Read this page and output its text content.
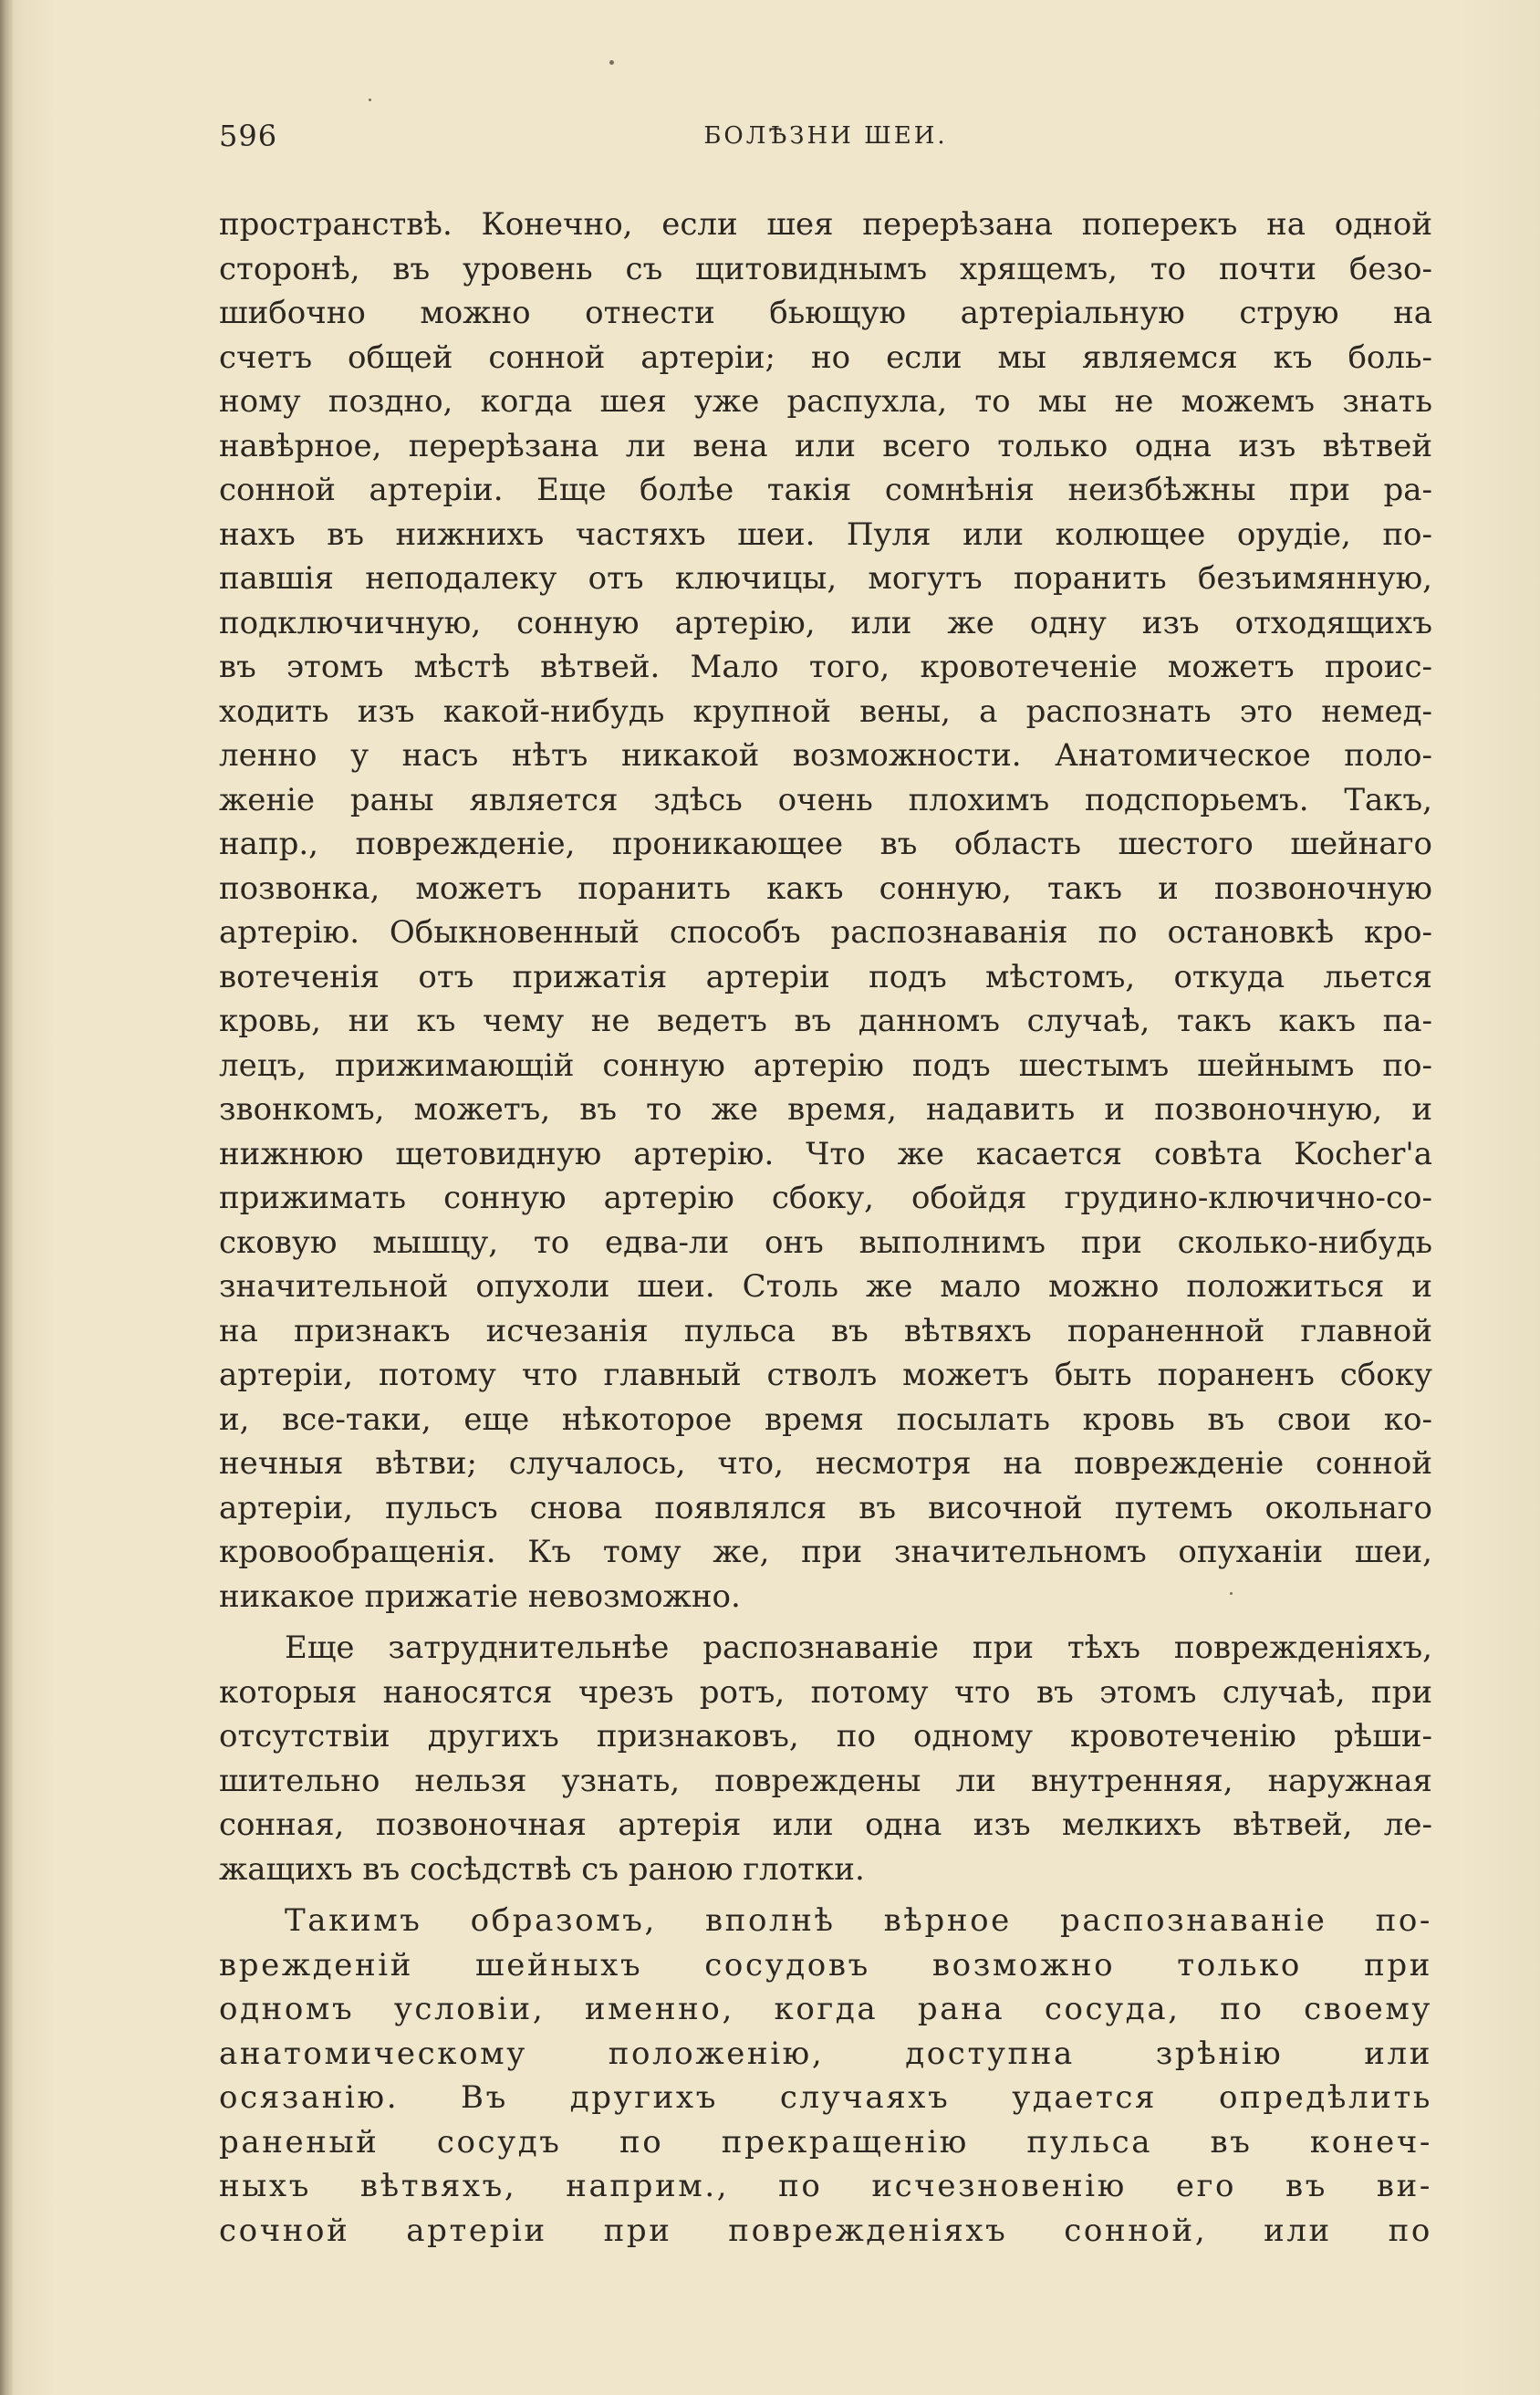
596	БОЛѢЗНИ ШЕИ.
пространствѣ. Конечно, если шея перерѣзана поперекъ на одной
сторонѣ, въ уровень съ щитовиднымъ хрящемъ, то почти безо-
шибочно можно отнести бьющую артеріальную струю на
счетъ общей сонной артеріи; но если мы являемся къ боль-
ному поздно, когда шея уже распухла, то мы не можемъ знать
навѣрное, перерѣзана ли вена или всего только одна изъ вѣтвей
сонной артеріи. Еще болѣе такія сомнѣнія неизбѣжны при ра-
нахъ въ нижнихъ частяхъ шеи. Пуля или колющее орудіе, по-
павшія неподалеку отъ ключицы, могутъ поранить безъимянную,
подключичную, сонную артерію, или же одну изъ отходящихъ
въ этомъ мѣстѣ вѣтвей. Мало того, кровотеченіе можетъ проис-
ходить изъ какой-нибудь крупной вены, а распознать это немед-
ленно у насъ нѣтъ никакой возможности. Анатомическое поло-
женіе раны является здѣсь очень плохимъ подспорьемъ. Такъ,
напр., поврежденіе, проникающее въ область шестого шейнаго
позвонка, можетъ поранить какъ сонную, такъ и позвоночную
артерію. Обыкновенный способъ распознаванія по остановкѣ кро-
вотеченія отъ прижатія артеріи подъ мѣстомъ, откуда льется
кровь, ни къ чему не ведетъ въ данномъ случаѣ, такъ какъ па-
лецъ, прижимающій сонную артерію подъ шестымъ шейнымъ по-
звонкомъ, можетъ, въ то же время, надавить и позвоночную, и
нижнюю щетовидную артерію. Что же касается совѣта Kocher'а
прижимать сонную артерію сбоку, обойдя грудино-ключично-со-
сковую мышцу, то едва-ли онъ выполнимъ при сколько-нибудь
значительной опухоли шеи. Столь же мало можно положиться и
на признакъ исчезанія пульса въ вѣтвяхъ пораненной главной
артеріи, потому что главный стволъ можетъ быть пораненъ сбоку
и, все-таки, еще нѣкоторое время посылать кровь въ свои ко-
нечныя вѣтви; случалось, что, несмотря на поврежденіе сонной
артеріи, пульсъ снова появлялся въ височной путемъ окольнаго
кровообращенія. Къ тому же, при значительномъ опуханіи шеи,
никакое прижатіе невозможно.
Еще затруднительнѣе распознаваніе при тѣхъ поврежденіяхъ,
которыя наносятся чрезъ ротъ, потому что въ этомъ случаѣ, при
отсутствіи другихъ признаковъ, по одному кровотеченію рѣши-
шительно нельзя узнать, повреждены ли внутренняя, наружная
сонная, позвоночная артерія или одна изъ мелкихъ вѣтвей, ле-
жащихъ въ сосѣдствѣ съ раною глотки.
Такимъ образомъ, вполнѣ вѣрное распознаваніе по-
врежденій шейныхъ сосудовъ возможно только при
одномъ условіи, именно, когда рана сосуда, по своему
анатомическому положенію, доступна зрѣнію или
осязанію. Въ другихъ случаяхъ удается опредѣлить
раненый сосудъ по прекращенію пульса въ конеч-
ныхъ вѣтвяхъ, наприм., по исчезновенію его въ ви-
сочной артеріи при поврежденіяхъ сонной, или по
